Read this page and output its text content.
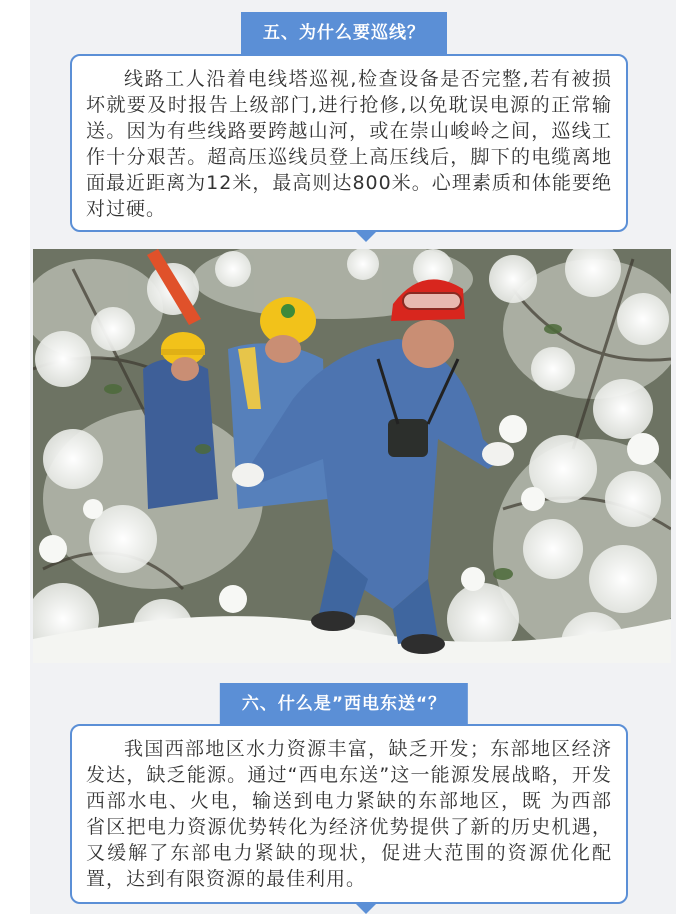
五、为什么要巡线？

线路工人沿着电线塔巡视,检查设备是否完整,若有被损坏就要及时报告上级部门,进行抢修,以免耽误电源的正常输送。因为有些线路要跨越山河，或在崇山峻岭之间，巡线工作十分艰苦。超高压巡线员登上高压线后，脚下的电缆离地面最近距离为12米，最高则达800米。心理素质和体能要绝对过硬。

六、什么是”西电东送“？

我国西部地区水力资源丰富，缺乏开发；东部地区经济发达，缺乏能源。通过“西电东送”这一能源发展战略，开发西部水电、火电，输送到电力紧缺的东部地区，既 为西部省区把电力资源优势转化为经济优势提供了新的历史机遇，又缓解了东部电力紧缺的现状，促进大范围的资源优化配置，达到有限资源的最佳利用。
